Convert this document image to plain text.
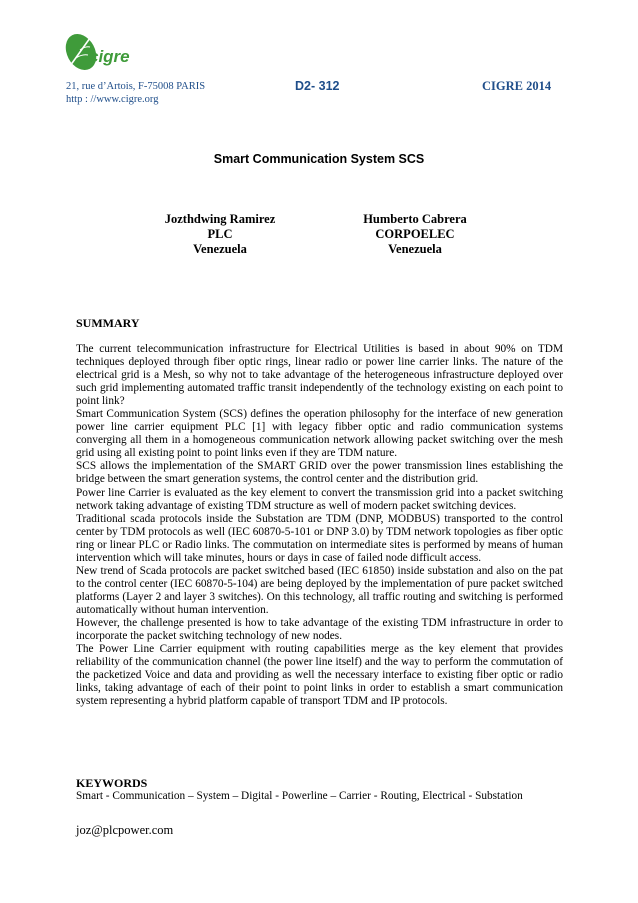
cigre
21, rue d’Artois, F-75008 PARIS
http : //www.cigre.org
D2- 312	CIGRE 2014
Smart Communication System SCS
Jozthdwing Ramirez
PLC
Venezuela
Humberto Cabrera
CORPOELEC
Venezuela
SUMMARY

The current telecommunication infrastructure for Electrical Utilities is based in about 90% on TDM techniques deployed through fiber optic rings, linear radio or power line carrier links. The nature of the electrical grid is a Mesh, so why not to take advantage of the heterogeneous infrastructure deployed over such grid implementing automated traffic transit independently of the technology existing on each point to point link?

Smart Communication System (SCS) defines the operation philosophy for the interface of new generation power line carrier equipment PLC [1] with legacy fibber optic and radio communication systems converging all them in a homogeneous communication network allowing packet switching over the mesh grid using all existing point to point links even if they are TDM nature.

SCS allows the implementation of the SMART GRID over the power transmission lines establishing the bridge between the smart generation systems, the control center and the distribution grid.

Power line Carrier is evaluated as the key element to convert the transmission grid into a packet switching network taking advantage of existing TDM structure as well of modern packet switching devices.

Traditional scada protocols inside the Substation are TDM (DNP, MODBUS) transported to the control center by TDM protocols as well (IEC 60870-5-101 or DNP 3.0) by TDM network topologies as fiber optic ring or linear PLC or Radio links. The commutation on intermediate sites is performed by means of human intervention which will take minutes, hours or days in case of failed node difficult access.

New trend of Scada protocols are packet switched based (IEC 61850) inside substation and also on the pat to the control center (IEC 60870-5-104) are being deployed by the implementation of pure packet switched platforms (Layer 2 and layer 3 switches). On this technology, all traffic routing and switching is performed automatically without human intervention.

However, the challenge presented is how to take advantage of the existing TDM infrastructure in order to incorporate the packet switching technology of new nodes.

The Power Line Carrier equipment with routing capabilities merge as the key element that provides reliability of the communication channel (the power line itself) and the way to perform the commutation of the packetized Voice and data and providing as well the necessary interface to existing fiber optic or radio links, taking advantage of each of their point to point links in order to establish a smart communication system representing a hybrid platform capable of transport TDM and IP protocols.

KEYWORDS
Smart - Communication – System – Digital - Powerline – Carrier - Routing, Electrical - Substation
joz@plcpower.com
